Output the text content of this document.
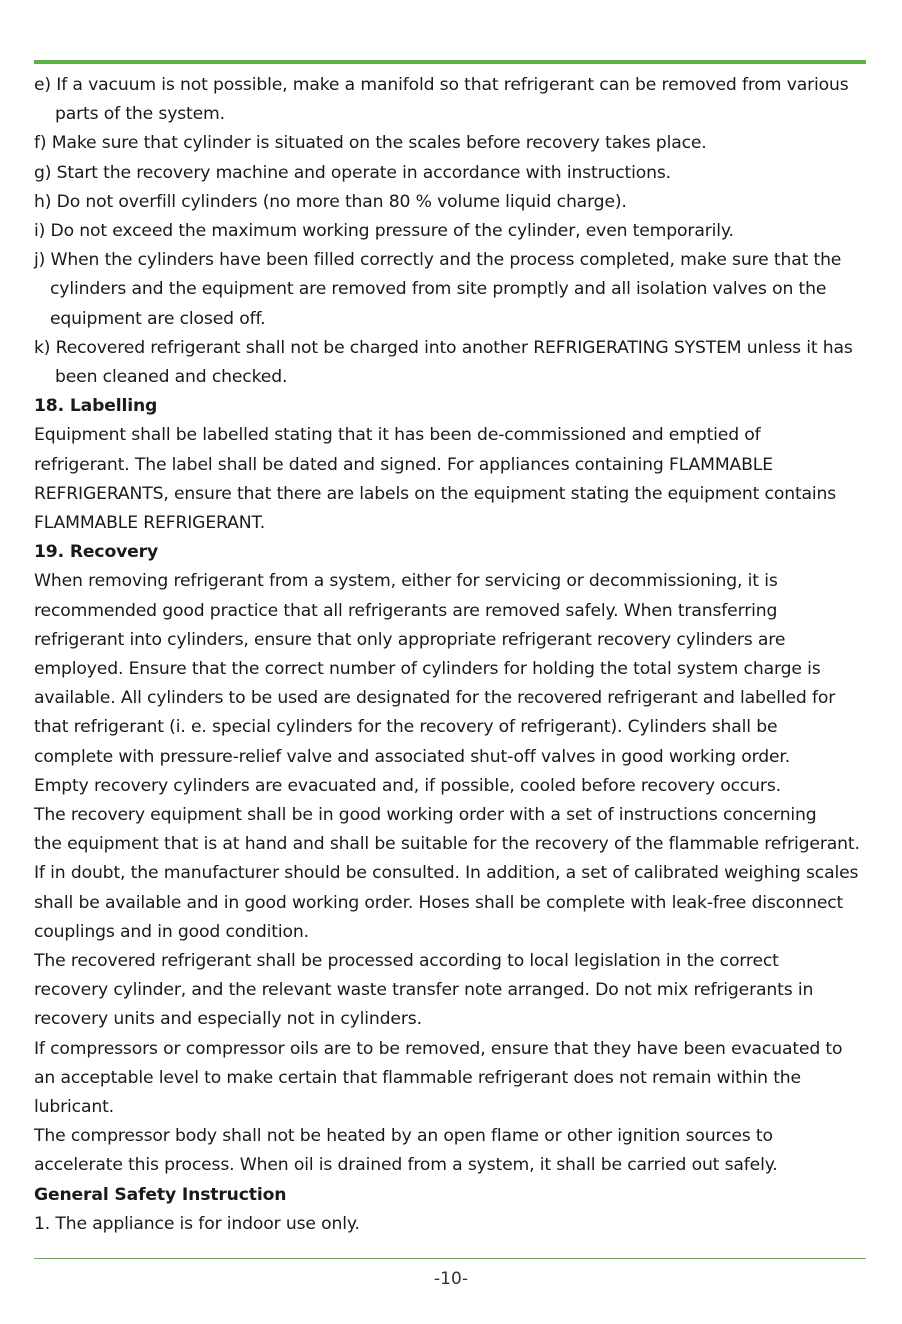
e) If a vacuum is not possible, make a manifold so that refrigerant can be removed from various
parts of the system.
f) Make sure that cylinder is situated on the scales before recovery takes place.
g) Start the recovery machine and operate in accordance with instructions.
h) Do not overfill cylinders (no more than 80 % volume liquid charge).
i) Do not exceed the maximum working pressure of the cylinder, even temporarily.
j) When the cylinders have been filled correctly and the process completed, make sure that the
cylinders and the equipment are removed from site promptly and all isolation valves on the
equipment are closed off.
k) Recovered refrigerant shall not be charged into another REFRIGERATING SYSTEM unless it has
been cleaned and checked.
18. Labelling
Equipment shall be labelled stating that it has been de-commissioned and emptied of
refrigerant. The label shall be dated and signed. For appliances containing FLAMMABLE
REFRIGERANTS, ensure that there are labels on the equipment stating the equipment contains
FLAMMABLE REFRIGERANT.
19. Recovery
When removing refrigerant from a system, either for servicing or decommissioning, it is
recommended good practice that all refrigerants are removed safely. When transferring
refrigerant into cylinders, ensure that only appropriate refrigerant recovery cylinders are
employed. Ensure that the correct number of cylinders for holding the total system charge is
available. All cylinders to be used are designated for the recovered refrigerant and labelled for
that refrigerant (i. e. special cylinders for the recovery of refrigerant). Cylinders shall be
complete with pressure-relief valve and associated shut-off valves in good working order.
Empty recovery cylinders are evacuated and, if possible, cooled before recovery occurs.
The recovery equipment shall be in good working order with a set of instructions concerning
the equipment that is at hand and shall be suitable for the recovery of the flammable refrigerant.
If in doubt, the manufacturer should be consulted. In addition, a set of calibrated weighing scales
shall be available and in good working order. Hoses shall be complete with leak-free disconnect
couplings and in good condition.
The recovered refrigerant shall be processed according to local legislation in the correct
recovery cylinder, and the relevant waste transfer note arranged. Do not mix refrigerants in
recovery units and especially not in cylinders.
If compressors or compressor oils are to be removed, ensure that they have been evacuated to
an acceptable level to make certain that flammable refrigerant does not remain within the
lubricant.
The compressor body shall not be heated by an open flame or other ignition sources to
accelerate this process. When oil is drained from a system, it shall be carried out safely.
General Safety Instruction
1. The appliance is for indoor use only.
-10-
